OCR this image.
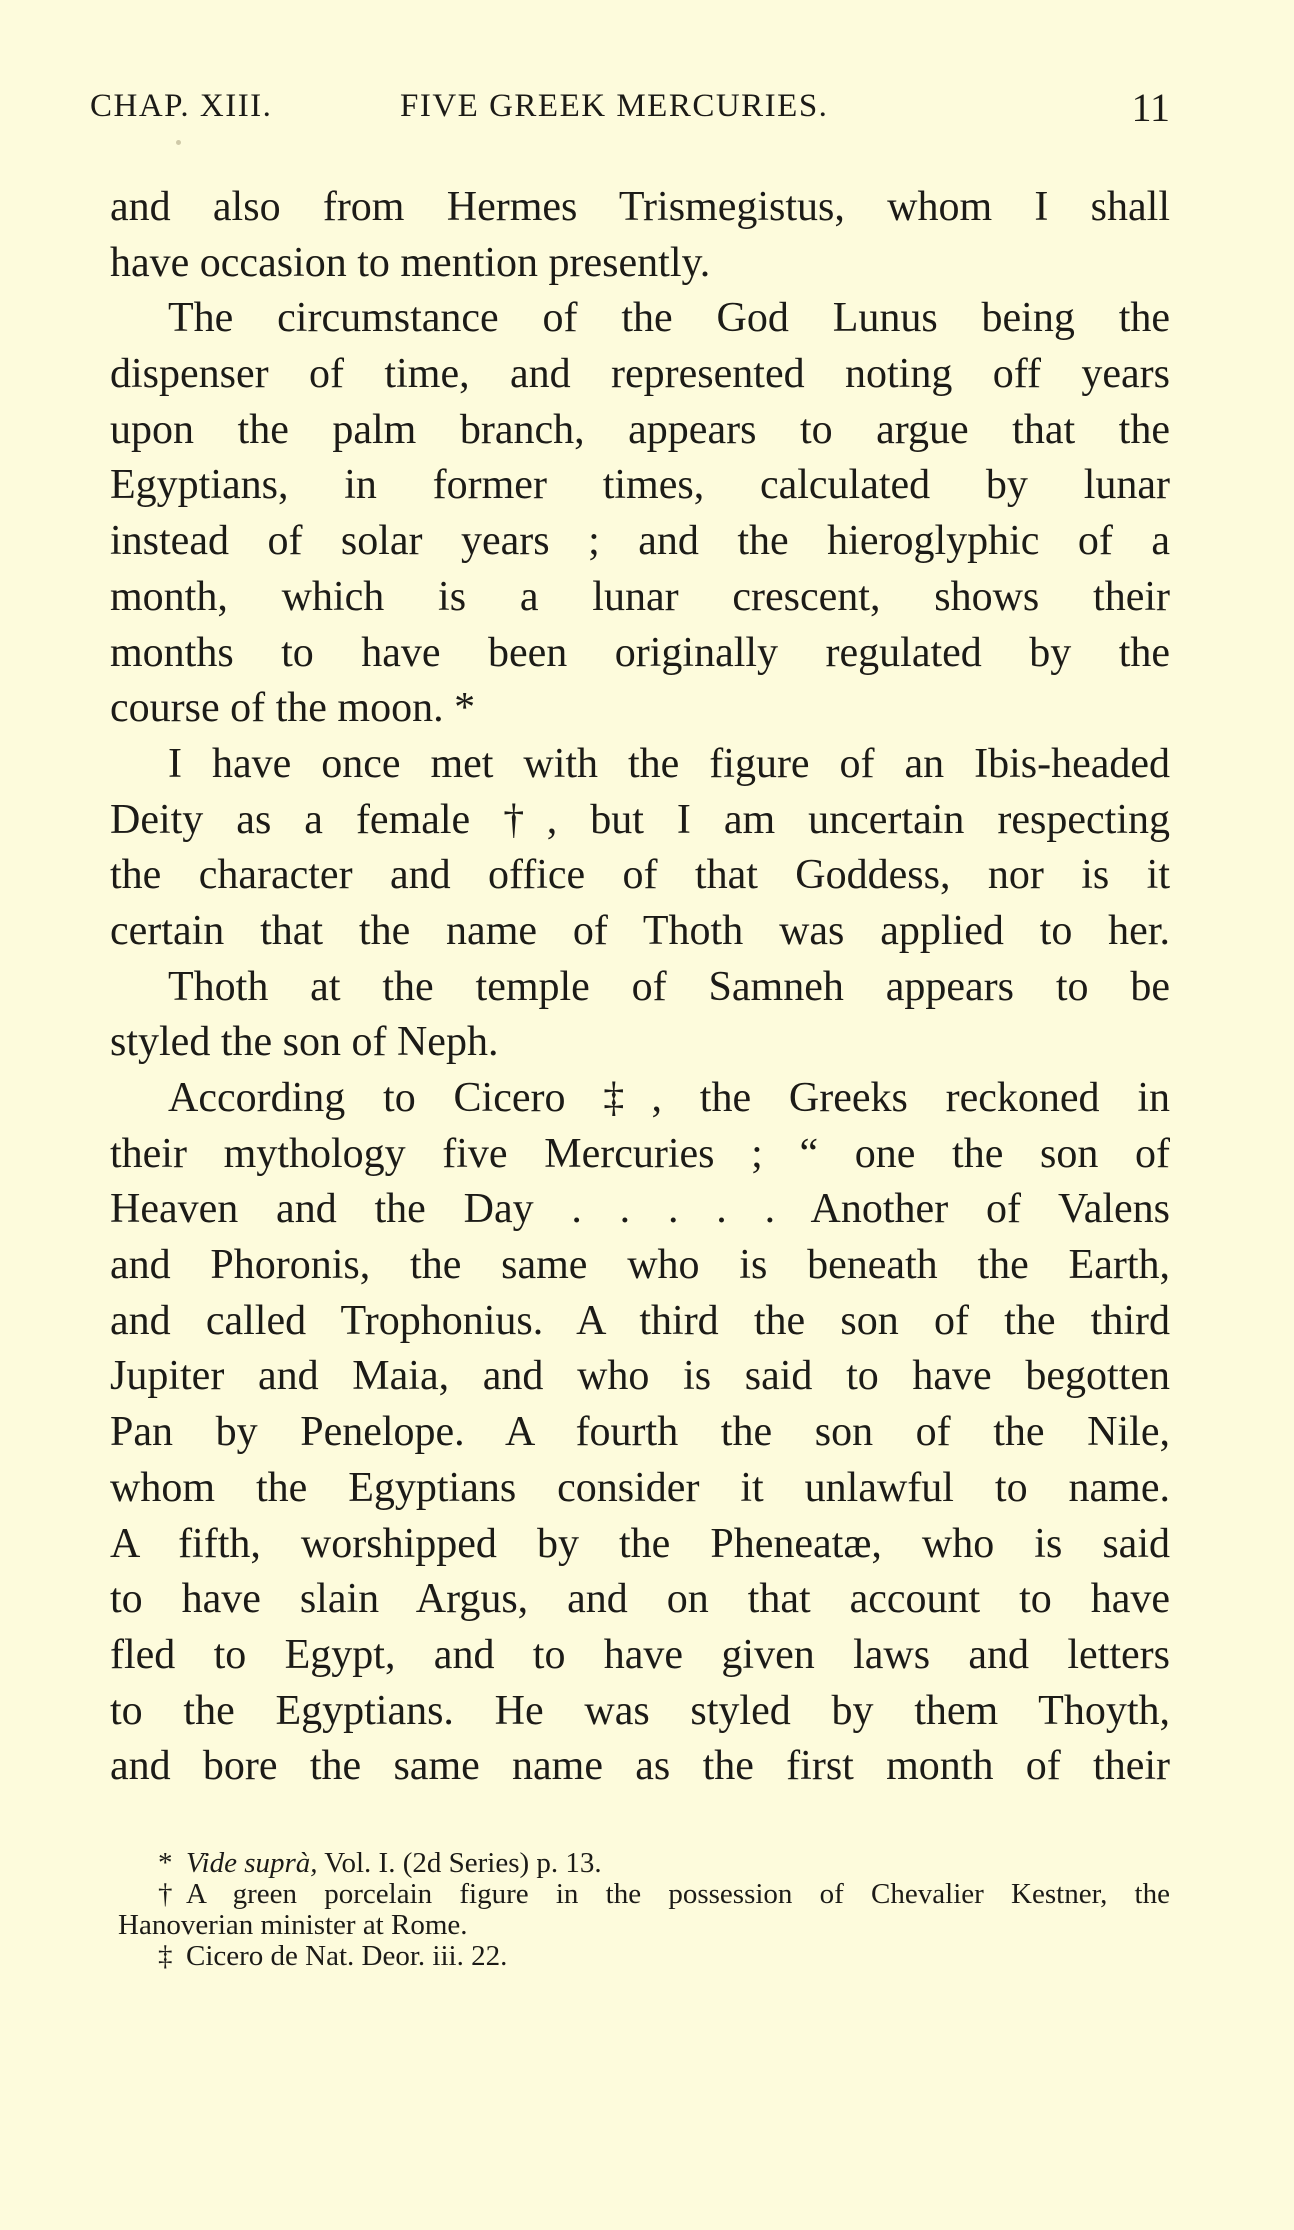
CHAP. XIII.	FIVE GREEK MERCURIES.	11
and also from Hermes Trismegistus, whom I shall
have occasion to mention presently.
The circumstance of the God Lunus being the
dispenser of time, and represented noting off years
upon the palm branch, appears to argue that the
Egyptians, in former times, calculated by lunar
instead of solar years ; and the hieroglyphic of a
month, which is a lunar crescent, shows their
months to have been originally regulated by the
course of the moon. *
I have once met with the figure of an Ibis-headed
Deity as a female †, but I am uncertain respecting
the character and office of that Goddess, nor is it
certain that the name of Thoth was applied to her.
Thoth at the temple of Samneh appears to be
styled the son of Neph.
According to Cicero ‡, the Greeks reckoned in
their mythology five Mercuries ; “ one the son of
Heaven and the Day . . . . . Another of Valens
and Phoronis, the same who is beneath the Earth,
and called Trophonius. A third the son of the third
Jupiter and Maia, and who is said to have begotten
Pan by Penelope. A fourth the son of the Nile,
whom the Egyptians consider it unlawful to name.
A fifth, worshipped by the Pheneatæ, who is said
to have slain Argus, and on that account to have
fled to Egypt, and to have given laws and letters
to the Egyptians. He was styled by them Thoyth,
and bore the same name as the first month of their
* Vide suprà, Vol. I. (2d Series) p. 13.
† A green porcelain figure in the possession of Chevalier Kestner, the
Hanoverian minister at Rome.
‡ Cicero de Nat. Deor. iii. 22.
